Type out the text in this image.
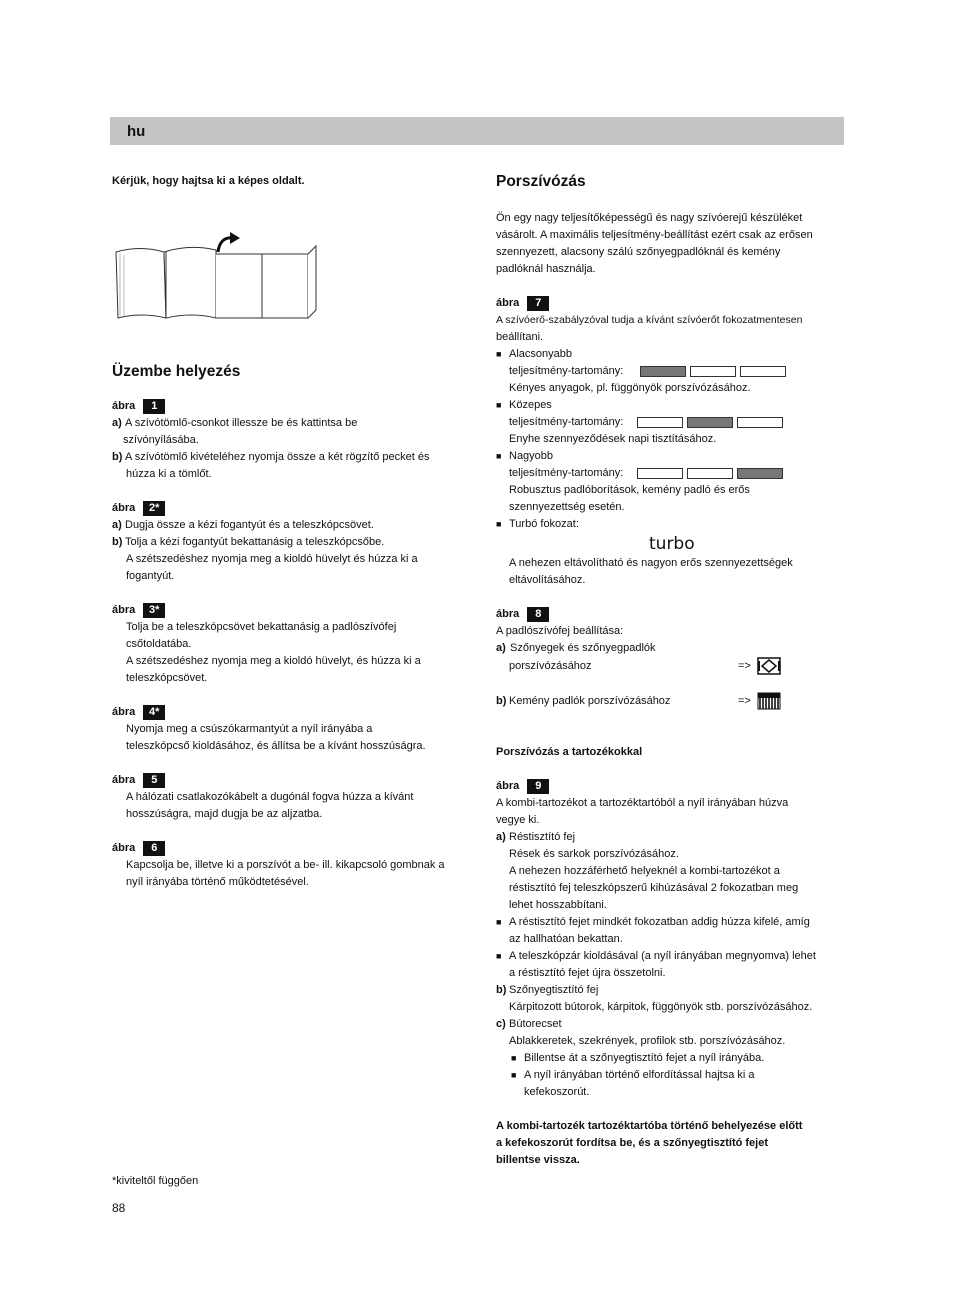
hu
Kérjük, hogy hajtsa ki a képes oldalt.
Üzembe helyezés
ábra	1
a) A szívótömlő-csonkot illessze be és kattintsa be
szívónyílásába.
b) A szívótömlő kivételéhez nyomja össze a két rögzítő pecket és
húzza ki a tömlőt.
ábra	2*
a) Dugja össze a kézi fogantyút és a teleszkópcsövet.
b) Tolja a kézi fogantyút bekattanásig a teleszkópcsőbe.
A szétszedéshez nyomja meg a kioldó hüvelyt és húzza ki a
fogantyút.
ábra	3*
Tolja be a teleszkópcsövet bekattanásig a padlószívófej
csőtoldatába.
A szétszedéshez nyomja meg a kioldó hüvelyt, és húzza ki a
teleszkópcsövet.
ábra	4*
Nyomja meg a csúszókarmantyút a nyíl irányába a
teleszkópcső kioldásához, és állítsa be a kívánt hosszúságra.
ábra	5
A hálózati csatlakozókábelt a dugónál fogva húzza a kívánt
hosszúságra, majd dugja be az aljzatba.
ábra	6
Kapcsolja be, illetve ki a porszívót a be- ill. kikapcsoló gombnak a
nyíl irányába történő működtetésével.
Porszívózás
Ön egy nagy teljesítőképességű és nagy szívóerejű készüléket
vásárolt. A maximális teljesítmény-beállítást ezért csak az erősen
szennyezett, alacsony szálú szőnyegpadlóknál és kemény
padlóknál használja.
ábra	7
A szívóerő-szabályzóval tudja a kívánt szívóerőt fokozatmentesen
beállítani.
■ Alacsonyabb
teljesítmény-tartomány:
Kényes anyagok, pl. függönyök porszívózásához.
■ Közepes
teljesítmény-tartomány:
Enyhe szennyeződések napi tisztításához.
■ Nagyobb
teljesítmény-tartomány:
Robusztus padlóborítások, kemény padló és erős
szennyezettség esetén.
■ Turbó fokozat:
turbo
A nehezen eltávolítható és nagyon erős szennyezettségek
eltávolításához.
ábra	8
A padlószívófej beállítása:
a) Szőnyegek és szőnyegpadlók
porszívózásához	=>
b) Kemény padlók porszívózásához	=>
Porszívózás a tartozékokkal
ábra	9
A kombi-tartozékot a tartozéktartóból a nyíl irányában húzva
vegye ki.
a) Réstisztító fej
Rések és sarkok porszívózásához.
A nehezen hozzáférhető helyeknél a kombi-tartozékot a
réstisztító fej teleszkópszerű kihúzásával 2 fokozatban meg
lehet hosszabbítani.
■ A réstisztító fejet mindkét fokozatban addig húzza kifelé, amíg
az hallhatóan bekattan.
■ A teleszkópzár kioldásával (a nyíl irányában megnyomva) lehet
a réstisztító fejet újra összetolni.
b) Szőnyegtisztító fej
Kárpitozott bútorok, kárpitok, függönyök stb. porszívózásához.
c) Bútorecset
Ablakkeretek, szekrények, profilok stb. porszívózásához.
■ Billentse át a szőnyegtisztító fejet a nyíl irányába.
■ A nyíl irányában történő elfordítással hajtsa ki a
kefekoszorút.
A kombi-tartozék tartozéktartóba történő behelyezése előtt
a kefekoszorút fordítsa be, és a szőnyegtisztító fejet
billentse vissza.
*kiviteltől függően
88
